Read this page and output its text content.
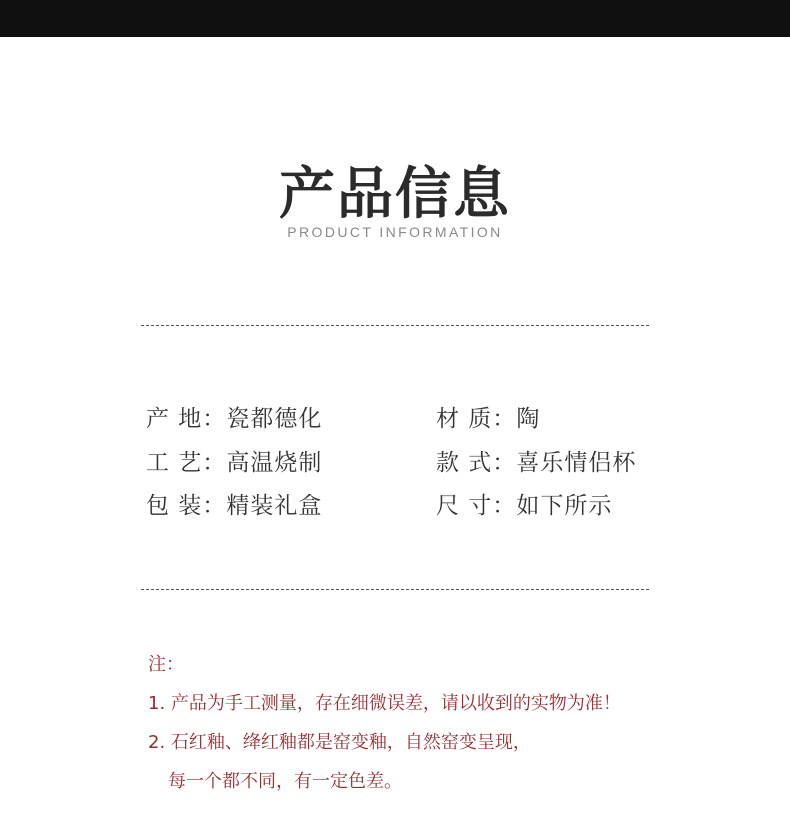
产品信息
PRODUCT INFORMATION
产 地：瓷都德化
工 艺：高温烧制
包 装：精装礼盒
材 质：陶
款 式：喜乐情侣杯
尺 寸：如下所示
注：
1. 产品为手工测量，存在细微误差，请以收到的实物为准！
2. 石红釉、绛红釉都是窑变釉，自然窑变呈现，
每一个都不同，有一定色差。
